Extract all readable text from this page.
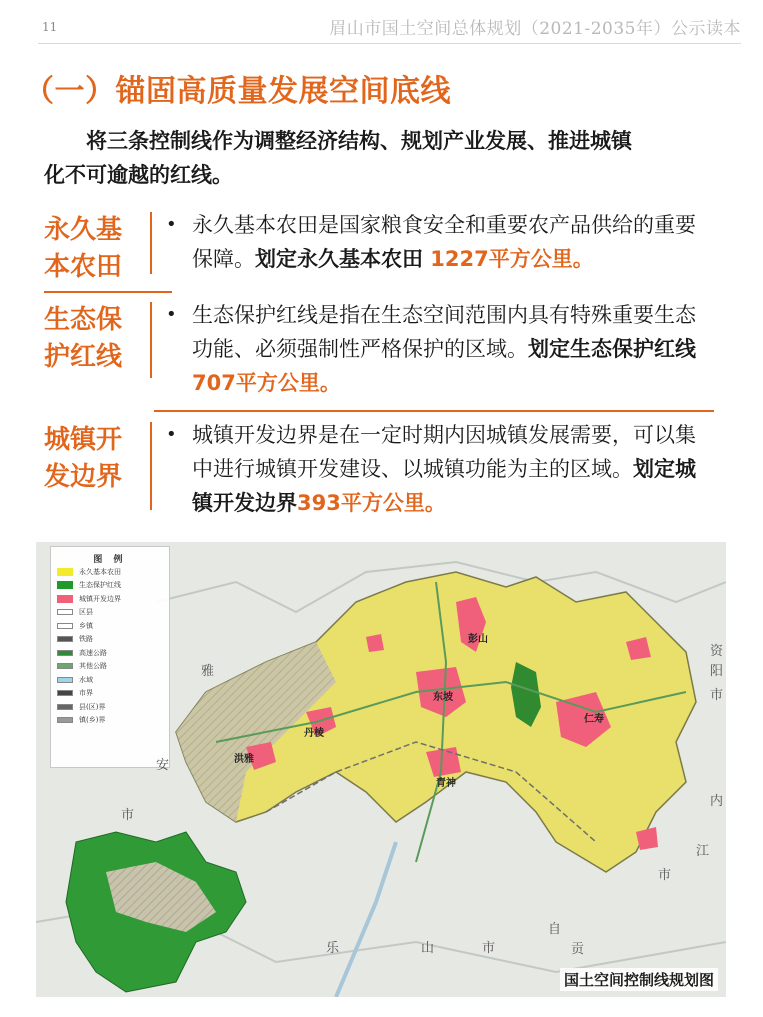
11	眉山市国土空间总体规划（2021-2035年）公示读本
（一）锚固高质量发展空间底线
将三条控制线作为调整经济结构、规划产业发展、推进城镇
化不可逾越的红线。
永久基
本农田
• 永久基本农田是国家粮食安全和重要农产品供给的重要保障。划定永久基本农田 1227平方公里。
生态保
护红线
• 生态保护红线是指在生态空间范围内具有特殊重要生态功能、必须强制性严格保护的区域。划定生态保护红线707平方公里。
城镇开
发边界
• 城镇开发边界是在一定时期内因城镇发展需要，可以集中进行城镇开发建设、以城镇功能为主的区域。划定城镇开发边界393平方公里。
图 例
永久基本农田
生态保护红线
城镇开发边界
区县
乡镇
铁路
高速公路
其他公路
水域
市界
县(区)界
镇(乡)界
彭山
东坡
仁寿
丹棱
洪雅
青神
雅
安
市
乐	山	市
自
贡
资
阳
市
内
江
市
国土空间控制线规划图
